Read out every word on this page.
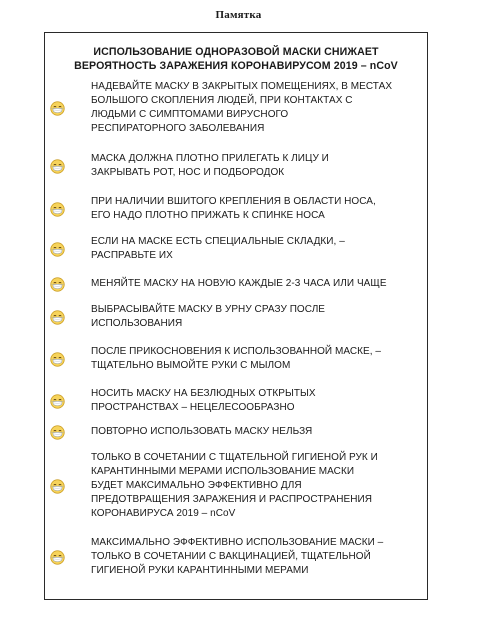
Памятка
ИСПОЛЬЗОВАНИЕ ОДНОРАЗОВОЙ МАСКИ СНИЖАЕТ
ВЕРОЯТНОСТЬ ЗАРАЖЕНИЯ КОРОНАВИРУСОМ 2019 – nCoV
НАДЕВАЙТЕ МАСКУ В ЗАКРЫТЫХ ПОМЕЩЕНИЯХ, В МЕСТАХ
БОЛЬШОГО СКОПЛЕНИЯ ЛЮДЕЙ, ПРИ КОНТАКТАХ С
ЛЮДЬМИ С СИМПТОМАМИ ВИРУСНОГО
РЕСПИРАТОРНОГО ЗАБОЛЕВАНИЯ
МАСКА ДОЛЖНА ПЛОТНО ПРИЛЕГАТЬ К ЛИЦУ И
ЗАКРЫВАТЬ РОТ, НОС И ПОДБОРОДОК
ПРИ НАЛИЧИИ ВШИТОГО КРЕПЛЕНИЯ В ОБЛАСТИ НОСА,
ЕГО НАДО ПЛОТНО ПРИЖАТЬ К СПИНКЕ НОСА
ЕСЛИ НА МАСКЕ ЕСТЬ СПЕЦИАЛЬНЫЕ СКЛАДКИ, –
РАСПРАВЬТЕ ИХ
МЕНЯЙТЕ МАСКУ НА НОВУЮ КАЖДЫЕ 2-3 ЧАСА ИЛИ ЧАЩЕ
ВЫБРАСЫВАЙТЕ МАСКУ В УРНУ СРАЗУ ПОСЛЕ
ИСПОЛЬЗОВАНИЯ
ПОСЛЕ ПРИКОСНОВЕНИЯ К ИСПОЛЬЗОВАННОЙ МАСКЕ, –
ТЩАТЕЛЬНО ВЫМОЙТЕ РУКИ С МЫЛОМ
НОСИТЬ МАСКУ НА БЕЗЛЮДНЫХ ОТКРЫТЫХ
ПРОСТРАНСТВАХ – НЕЦЕЛЕСООБРАЗНО
ПОВТОРНО ИСПОЛЬЗОВАТЬ МАСКУ НЕЛЬЗЯ
ТОЛЬКО В СОЧЕТАНИИ С ТЩАТЕЛЬНОЙ ГИГИЕНОЙ РУК И
КАРАНТИННЫМИ МЕРАМИ ИСПОЛЬЗОВАНИЕ МАСКИ
БУДЕТ МАКСИМАЛЬНО ЭФФЕКТИВНО ДЛЯ
ПРЕДОТВРАЩЕНИЯ ЗАРАЖЕНИЯ И РАСПРОСТРАНЕНИЯ
КОРОНАВИРУСА 2019 – nCoV
МАКСИМАЛЬНО ЭФФЕКТИВНО ИСПОЛЬЗОВАНИЕ МАСКИ –
ТОЛЬКО В СОЧЕТАНИИ С ВАКЦИНАЦИЕЙ, ТЩАТЕЛЬНОЙ
ГИГИЕНОЙ РУКИ КАРАНТИННЫМИ МЕРАМИ
